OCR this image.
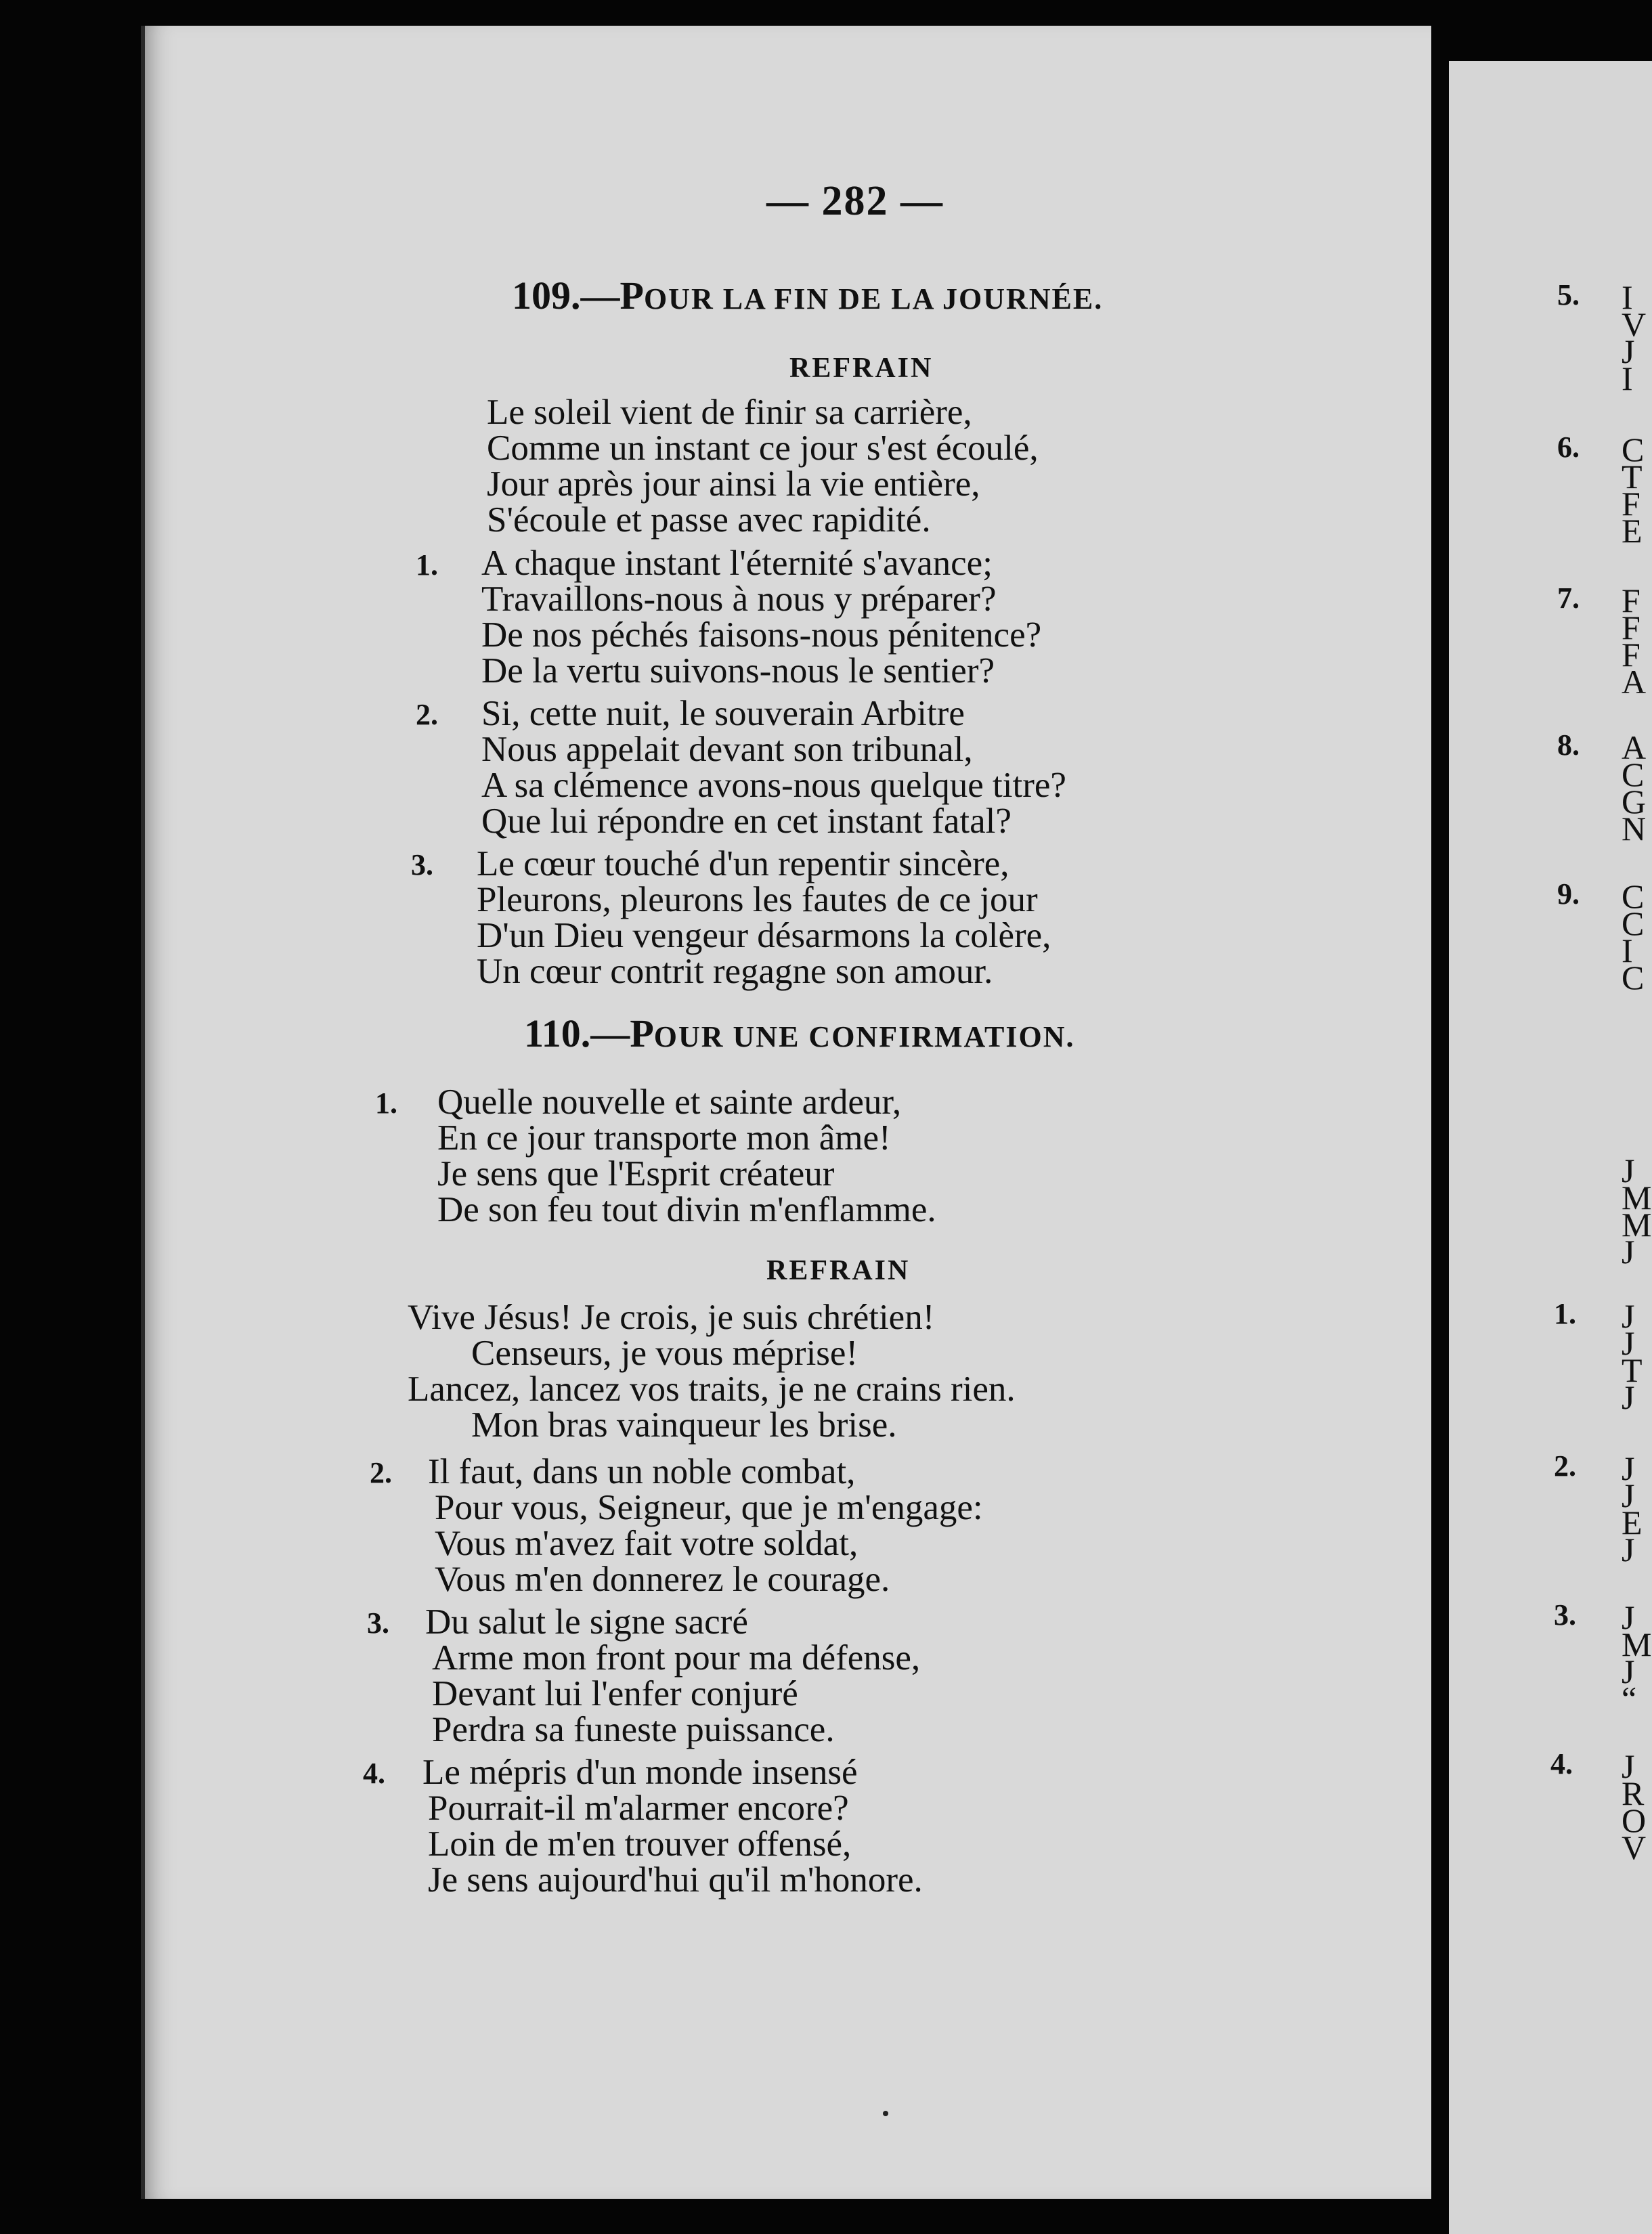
— 282 —
109.—POUR LA FIN DE LA JOURNÉE.
REFRAIN
Le soleil vient de finir sa carrière,
Comme un instant ce jour s'est écoulé,
Jour après jour ainsi la vie entière,
S'écoule et passe avec rapidité.
1. A chaque instant l'éternité s'avance;
Travaillons-nous à nous y préparer?
De nos péchés faisons-nous pénitence?
De la vertu suivons-nous le sentier?
2. Si, cette nuit, le souverain Arbitre
Nous appelait devant son tribunal,
A sa clémence avons-nous quelque titre?
Que lui répondre en cet instant fatal?
3. Le cœur touché d'un repentir sincère,
Pleurons, pleurons les fautes de ce jour
D'un Dieu vengeur désarmons la colère,
Un cœur contrit regagne son amour.
110.—POUR UNE CONFIRMATION.
1. Quelle nouvelle et sainte ardeur,
En ce jour transporte mon âme!
Je sens que l'Esprit créateur
De son feu tout divin m'enflamme.
REFRAIN
Vive Jésus! Je crois, je suis chrétien!
Censeurs, je vous méprise!
Lancez, lancez vos traits, je ne crains rien.
Mon bras vainqueur les brise.
2. Il faut, dans un noble combat,
Pour vous, Seigneur, que je m'engage:
Vous m'avez fait votre soldat,
Vous m'en donnerez le courage.
3. Du salut le signe sacré
Arme mon front pour ma défense,
Devant lui l'enfer conjuré
Perdra sa funeste puissance.
4. Le mépris d'un monde insensé
Pourrait-il m'alarmer encore?
Loin de m'en trouver offensé,
Je sens aujourd'hui qu'il m'honore.
5.
6.
7.
8.
9.
1.
2.
3.
4.
I
V
J
I
C
T
F
E
F
F
F
A
A
C
G
N
C
C
I
C
J
M
M
J
J
J
T
J
J
J
E
J
J
M
J
“
J
R
O
V
